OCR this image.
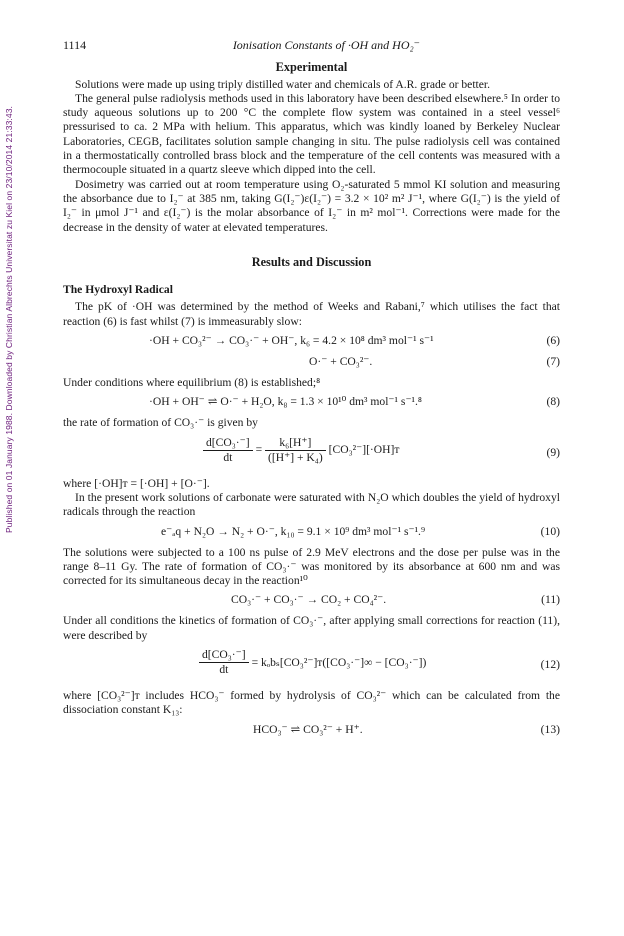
Published on 01 January 1988. Downloaded by Christian Albrechts Universitat zu Kiel on 23/10/2014 21:33:43.
1114	Ionisation Constants of ·OH and HO₂⁻
Experimental

Solutions were made up using triply distilled water and chemicals of A.R. grade or better.

The general pulse radiolysis methods used in this laboratory have been described elsewhere.⁵ In order to study aqueous solutions up to 200 °C the complete flow system was contained in a steel vessel⁶ pressurised to ca. 2 MPa with helium. This apparatus, which was kindly loaned by Berkeley Nuclear Laboratories, CEGB, facilitates solution sample changing in situ. The pulse radiolysis cell was contained in a thermostatically controlled brass block and the temperature of the cell contents was measured with a thermocouple situated in a quartz sleeve which dipped into the cell.

Dosimetry was carried out at room temperature using O₂-saturated 5 mmol KI solution and measuring the absorbance due to I₂⁻ at 385 nm, taking G(I₂⁻)ε(I₂⁻) = 3.2 × 10² m² J⁻¹, where G(I₂⁻) is the yield of I₂⁻ in μmol J⁻¹ and ε(I₂⁻) is the molar absorbance of I₂⁻ in m² mol⁻¹. Corrections were made for the decrease in the density of water at elevated temperatures.

Results and Discussion
The Hydroxyl Radical

The pK of ·OH was determined by the method of Weeks and Rabani,⁷ which utilises the fact that reaction (6) is fast whilst (7) is immeasurably slow:

·OH + CO₃²⁻ → CO₃·⁻ + OH⁻, k₆ = 4.2 × 10⁸ dm³ mol⁻¹ s⁻¹	(6)
O·⁻ + CO₃²⁻.	(7)

Under conditions where equilibrium (8) is established;⁸

·OH + OH⁻ ⇌ O·⁻ + H₂O, k₈ = 1.3 × 10¹⁰ dm³ mol⁻¹ s⁻¹.⁸	(8)

the rate of formation of CO₃·⁻ is given by

$\frac{\text{d[CO₃·⁻]}}{dt} = \frac{\text{k₆[H⁺]}}{\text{([H⁺] + K₄)}}$ [CO₃²⁻][·OH]ᴛ	(9)

where [·OH]ᴛ = [·OH] + [O·⁻].

In the present work solutions of carbonate were saturated with N₂O which doubles the yield of hydroxyl radicals through the reaction

e⁻ₐq + N₂O → N₂ + O·⁻, k₁₀ = 9.1 × 10⁹ dm³ mol⁻¹ s⁻¹.⁹	(10)

The solutions were subjected to a 100 ns pulse of 2.9 MeV electrons and the dose per pulse was in the range 8–11 Gy. The rate of formation of CO₃·⁻ was monitored by its absorbance at 600 nm and was corrected for its simultaneous decay in the reaction¹⁰

CO₃·⁻ + CO₃·⁻ → CO₂ + CO₄²⁻.	(11)

Under all conditions the kinetics of formation of CO₃·⁻, after applying small corrections for reaction (11), were described by

$\frac{\text{d[CO₃·⁻]}}{dt}$ = kₒbₛ[CO₃²⁻]ᴛ([CO₃·⁻]∞ − [CO₃·⁻])	(12)

where [CO₃²⁻]ᴛ includes HCO₃⁻ formed by hydrolysis of CO₃²⁻ which can be calculated from the dissociation constant K₁₃:

HCO₃⁻ ⇌ CO₃²⁻ + H⁺.	(13)
